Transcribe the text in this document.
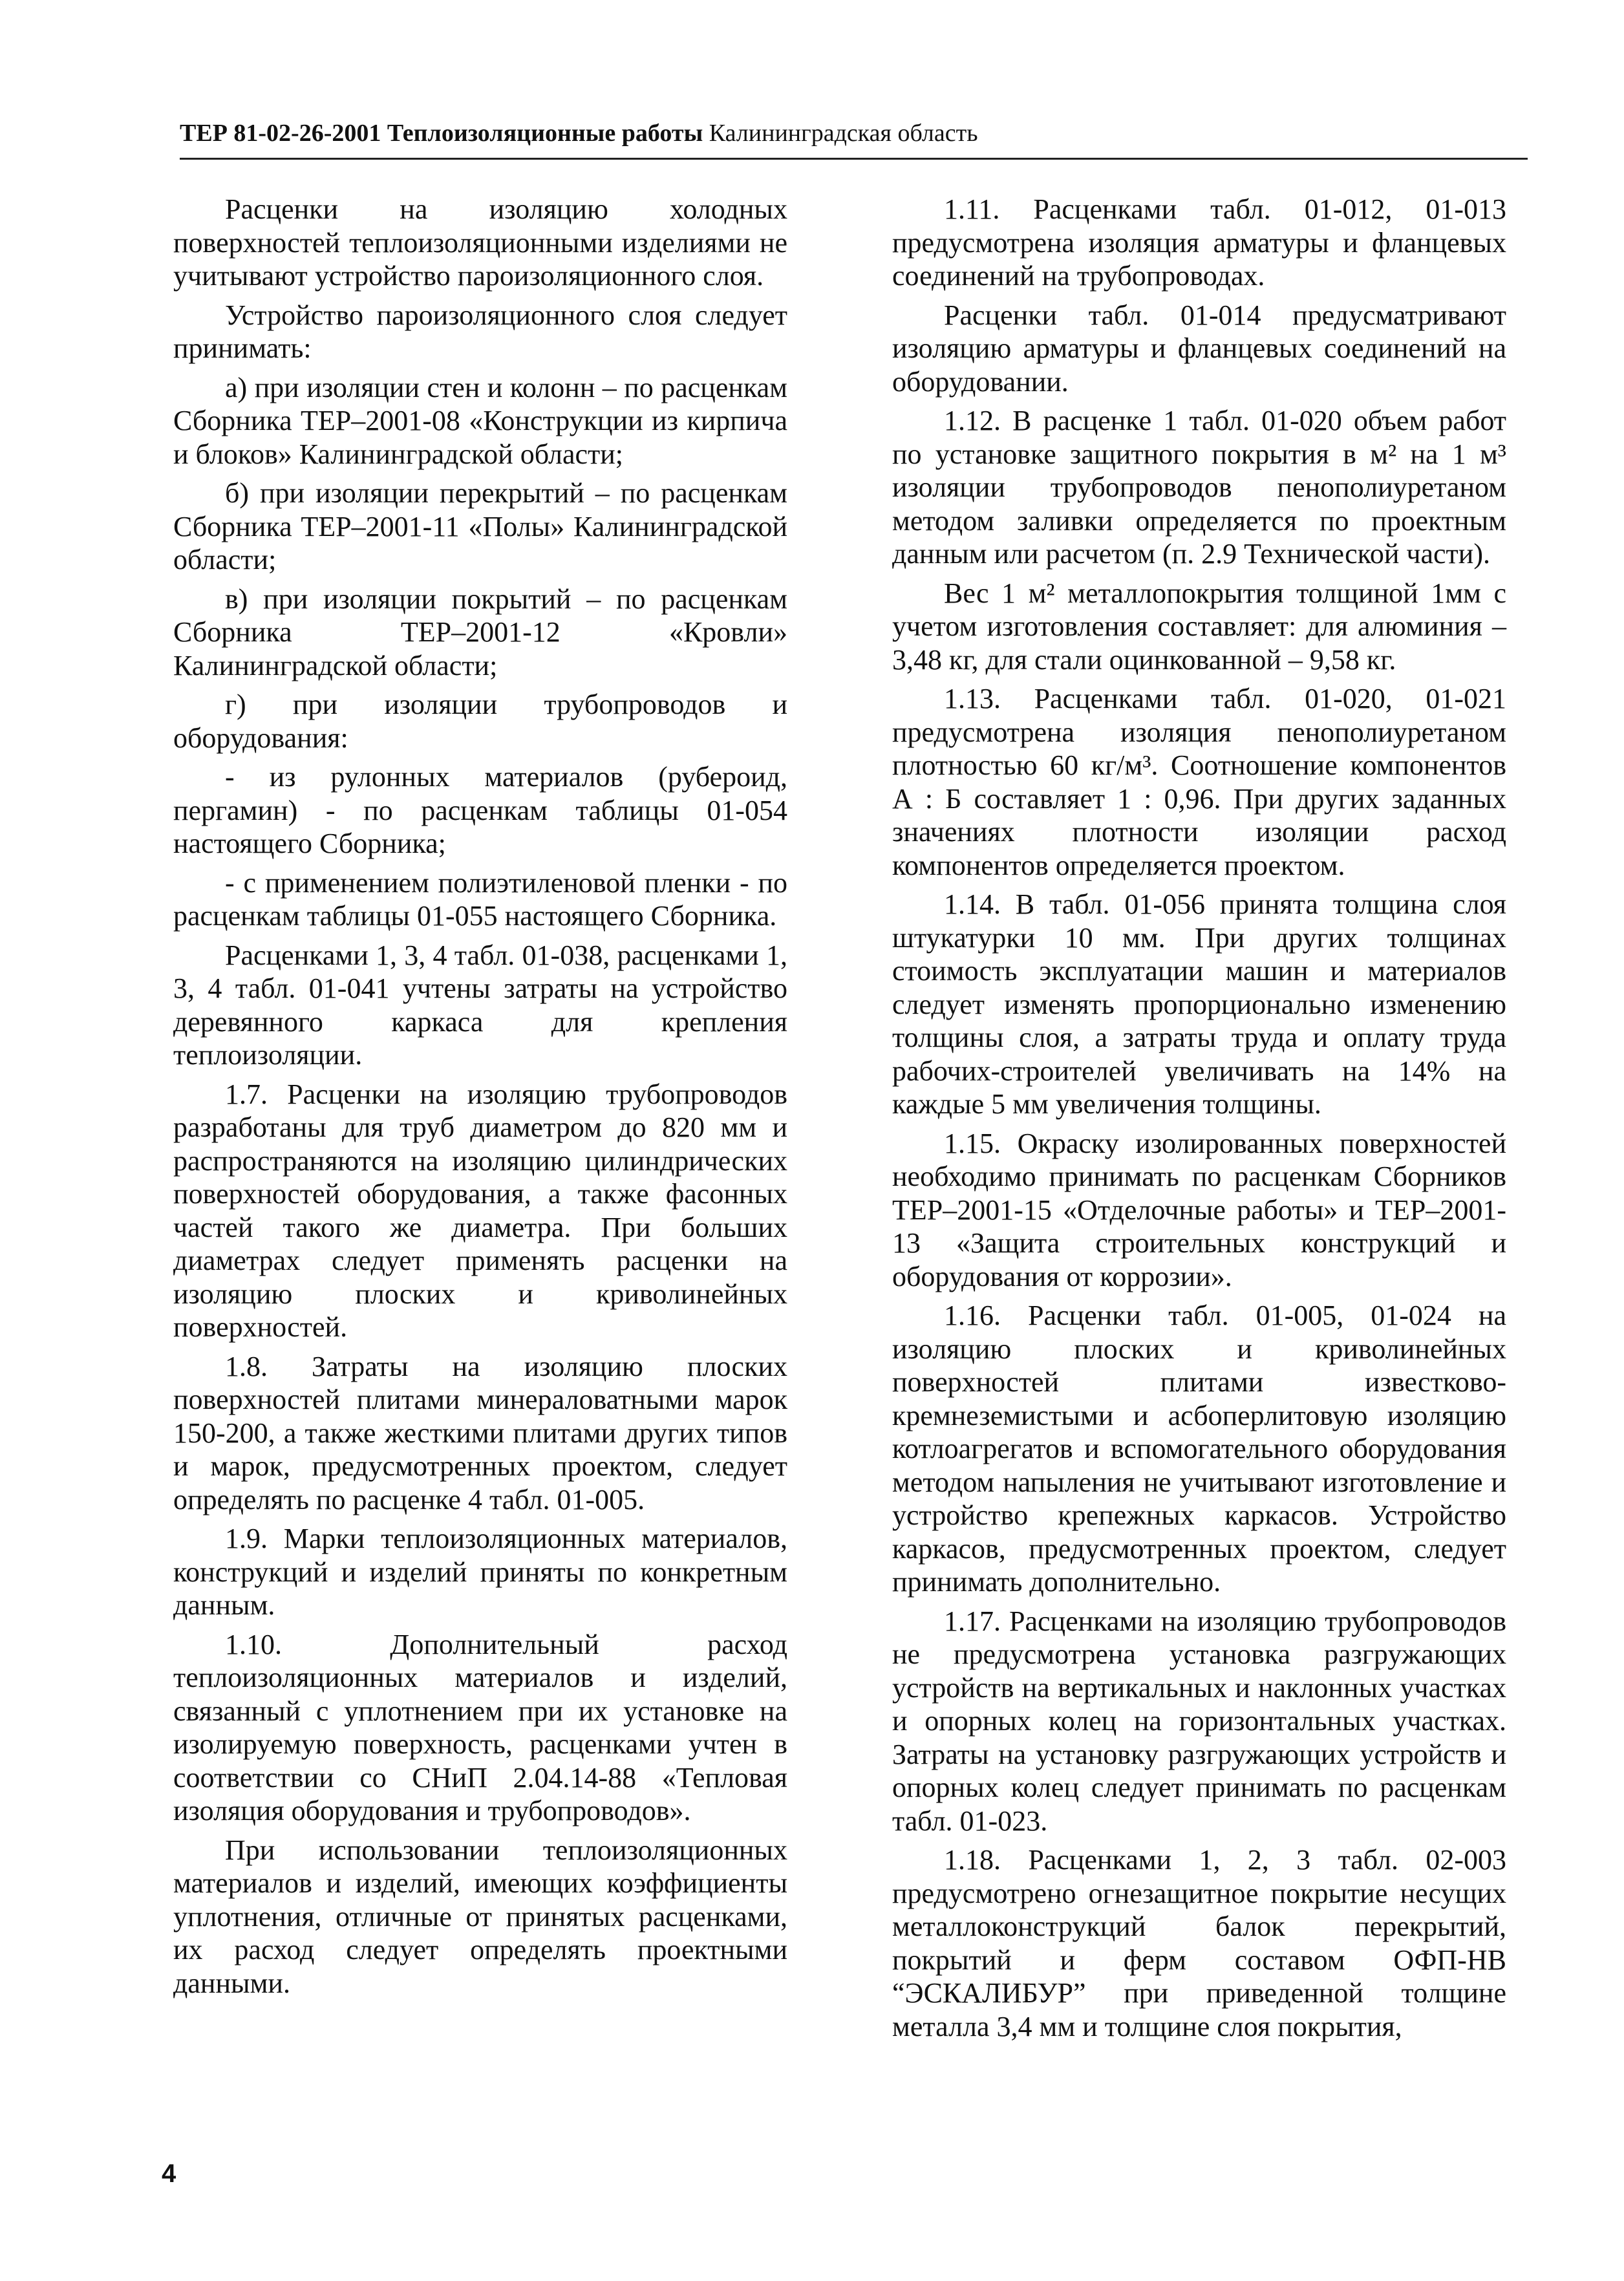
ТЕР 81-02-26-2001 Теплоизоляционные работы Калининградская область

Расценки на изоляцию холодных поверхностей теплоизоляционными изделиями не учитывают устройство пароизоляционного слоя.

Устройство пароизоляционного слоя следует принимать:

а) при изоляции стен и колонн – по расценкам Сборника ТЕР–2001-08 «Конструкции из кирпича и блоков» Калининградской области;

б) при изоляции перекрытий – по расценкам Сборника ТЕР–2001-11 «Полы» Калининградской области;

в) при изоляции покрытий – по расценкам Сборника ТЕР–2001-12 «Кровли» Калининградской области;

г) при изоляции трубопроводов и оборудования:

- из рулонных материалов (рубероид, пергамин) - по расценкам таблицы 01-054 настоящего Сборника;

- с применением полиэтиленовой пленки - по расценкам таблицы 01-055 настоящего Сборника.

Расценками 1, 3, 4 табл. 01-038, расценками 1, 3, 4 табл. 01-041 учтены затраты на устройство деревянного каркаса для крепления теплоизоляции.

1.7. Расценки на изоляцию трубопроводов разработаны для труб диаметром до 820 мм и распространяются на изоляцию цилиндрических поверхностей оборудования, а также фасонных частей такого же диаметра. При больших диаметрах следует применять расценки на изоляцию плоских и криволинейных поверхностей.

1.8. Затраты на изоляцию плоских поверхностей плитами минераловатными марок 150-200, а также жесткими плитами других типов и марок, предусмотренных проектом, следует определять по расценке 4 табл. 01-005.

1.9. Марки теплоизоляционных материалов, конструкций и изделий приняты по конкретным данным.

1.10. Дополнительный расход теплоизоляционных материалов и изделий, связанный с уплотнением при их установке на изолируемую поверхность, расценками учтен в соответствии со СНиП 2.04.14-88 «Тепловая изоляция оборудования и трубопроводов».

При использовании теплоизоляционных материалов и изделий, имеющих коэффициенты уплотнения, отличные от принятых расценками, их расход следует определять проектными данными.

1.11. Расценками табл. 01-012, 01-013 предусмотрена изоляция арматуры и фланцевых соединений на трубопроводах.

Расценки табл. 01-014 предусматривают изоляцию арматуры и фланцевых соединений на оборудовании.

1.12. В расценке 1 табл. 01-020 объем работ по установке защитного покрытия в м² на 1 м³ изоляции трубопроводов пенополиуретаном методом заливки определяется по проектным данным или расчетом (п. 2.9 Технической части).

Вес 1 м² металлопокрытия толщиной 1мм с учетом изготовления составляет: для алюминия – 3,48 кг, для стали оцинкованной – 9,58 кг.

1.13. Расценками табл. 01-020, 01-021 предусмотрена изоляция пенополиуретаном плотностью 60 кг/м³. Соотношение компонентов А : Б составляет 1 : 0,96. При других заданных значениях плотности изоляции расход компонентов определяется проектом.

1.14. В табл. 01-056 принята толщина слоя штукатурки 10 мм. При других толщинах стоимость эксплуатации машин и материалов следует изменять пропорционально изменению толщины слоя, а затраты труда и оплату труда рабочих-строителей увеличивать на 14% на каждые 5 мм увеличения толщины.

1.15. Окраску изолированных поверхностей необходимо принимать по расценкам Сборников ТЕР–2001-15 «Отделочные работы» и ТЕР–2001-13 «Защита строительных конструкций и оборудования от коррозии».

1.16. Расценки табл. 01-005, 01-024 на изоляцию плоских и криволинейных поверхностей плитами известково-кремнеземистыми и асбоперлитовую изоляцию котлоагрегатов и вспомогательного оборудования методом напыления не учитывают изготовление и устройство крепежных каркасов. Устройство каркасов, предусмотренных проектом, следует принимать дополнительно.

1.17. Расценками на изоляцию трубопроводов не предусмотрена установка разгружающих устройств на вертикальных и наклонных участках и опорных колец на горизонтальных участках. Затраты на установку разгружающих устройств и опорных колец следует принимать по расценкам табл. 01-023.

1.18. Расценками 1, 2, 3 табл. 02-003 предусмотрено огнезащитное покрытие несущих металлоконструкций балок перекрытий, покрытий и ферм составом ОФП-НВ “ЭСКАЛИБУР” при приведенной толщине металла 3,4 мм и толщине слоя покрытия,

4
